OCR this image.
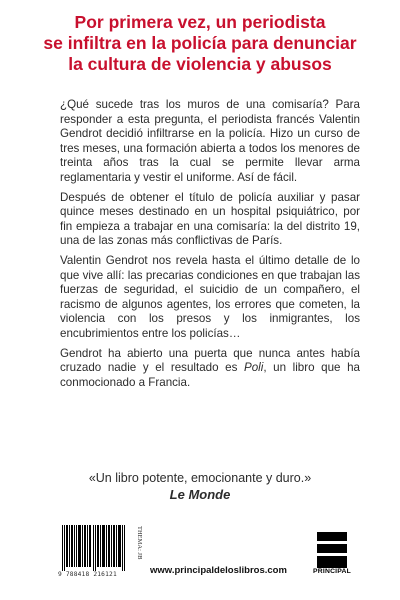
Por primera vez, un periodista
se infiltra en la policía para denunciar
la cultura de violencia y abusos

¿Qué sucede tras los muros de una comisaría? Para responder a esta pregunta, el periodista francés Valentin Gendrot decidió infiltrarse en la policía. Hizo un curso de tres meses, una formación abierta a todos los menores de treinta años tras la cual se permite llevar arma reglamentaria y vestir el uniforme. Así de fácil.

Después de obtener el título de policía auxiliar y pasar quince meses destinado en un hospital psiquiátrico, por fin empieza a trabajar en una comisaría: la del distrito 19, una de las zonas más conflictivas de París.

Valentin Gendrot nos revela hasta el último detalle de lo que vive allí: las precarias condiciones en que trabajan las fuerzas de seguridad, el suicidio de un compañero, el racismo de algunos agentes, los errores que cometen, la violencia con los presos y los inmigrantes, los encubrimientos entre los policías…

Gendrot ha abierto una puerta que nunca antes había cruzado nadie y el resultado es Poli, un libro que ha conmocionado a Francia.

«Un libro potente, emocionante y duro.»
Le Monde
9 788418 216121
THEMA: JB
www.principaldeloslibros.com	PRINCIPAL
